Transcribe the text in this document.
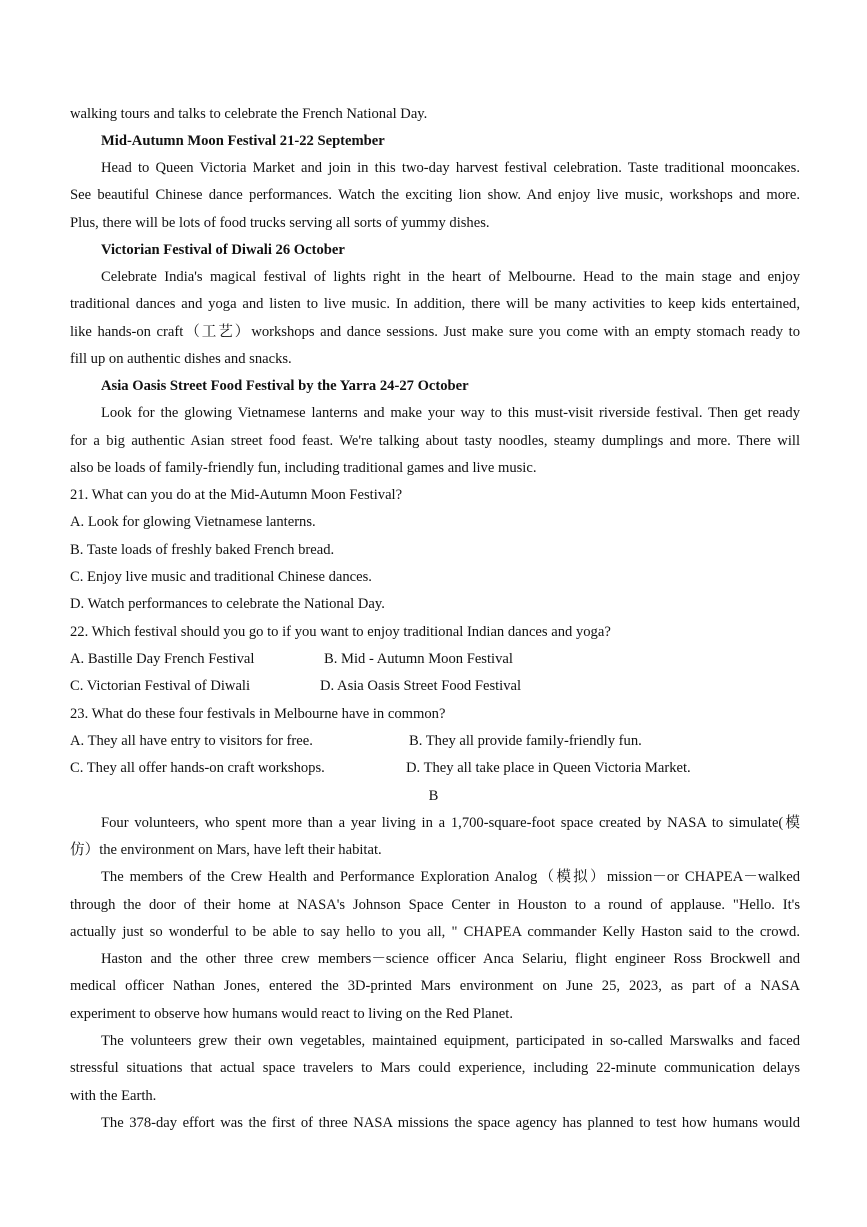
walking tours and talks to celebrate the French National Day.
Mid-Autumn Moon Festival 21-22 September
Head to Queen Victoria Market and join in this two-day harvest festival celebration. Taste traditional mooncakes.
See beautiful Chinese dance performances. Watch the exciting lion show. And enjoy live music, workshops and more.
Plus, there will be lots of food trucks serving all sorts of yummy dishes.
Victorian Festival of Diwali 26 October
Celebrate India's magical festival of lights right in the heart of Melbourne. Head to the main stage and enjoy
traditional dances and yoga and listen to live music. In addition, there will be many activities to keep kids entertained,
like hands-on craft（工艺）workshops and dance sessions. Just make sure you come with an empty stomach ready to
fill up on authentic dishes and snacks.
Asia Oasis Street Food Festival by the Yarra 24-27 October
Look for the glowing Vietnamese lanterns and make your way to this must-visit riverside festival. Then get ready
for a big authentic Asian street food feast. We're talking about tasty noodles, steamy dumplings and more. There will
also be loads of family-friendly fun, including traditional games and live music.
21. What can you do at the Mid-Autumn Moon Festival?
A. Look for glowing Vietnamese lanterns.
B. Taste loads of freshly baked French bread.
C. Enjoy live music and traditional Chinese dances.
D. Watch performances to celebrate the National Day.
22. Which festival should you go to if you want to enjoy traditional Indian dances and yoga?
A. Bastille Day French Festival	B. Mid - Autumn Moon Festival
C. Victorian Festival of Diwali	D. Asia Oasis Street Food Festival
23. What do these four festivals in Melbourne have in common?
A. They all have entry to visitors for free.	B. They all provide family-friendly fun.
C. They all offer hands-on craft workshops.	D. They all take place in Queen Victoria Market.
B
Four volunteers, who spent more than a year living in a 1,700-square-foot space created by NASA to simulate(模
仿）the environment on Mars, have left their habitat.
The members of the Crew Health and Performance Exploration Analog（模拟）mission－or CHAPEA－walked
through the door of their home at NASA's Johnson Space Center in Houston to a round of applause. "Hello. It's
actually just so wonderful to be able to say hello to you all, " CHAPEA commander Kelly Haston said to the crowd.
Haston and the other three crew members－science officer Anca Selariu, flight engineer Ross Brockwell and
medical officer Nathan Jones, entered the 3D-printed Mars environment on June 25, 2023, as part of a NASA
experiment to observe how humans would react to living on the Red Planet.
The volunteers grew their own vegetables, maintained equipment, participated in so-called Marswalks and faced
stressful situations that actual space travelers to Mars could experience, including 22-minute communication delays
with the Earth.
The 378-day effort was the first of three NASA missions the space agency has planned to test how humans would
